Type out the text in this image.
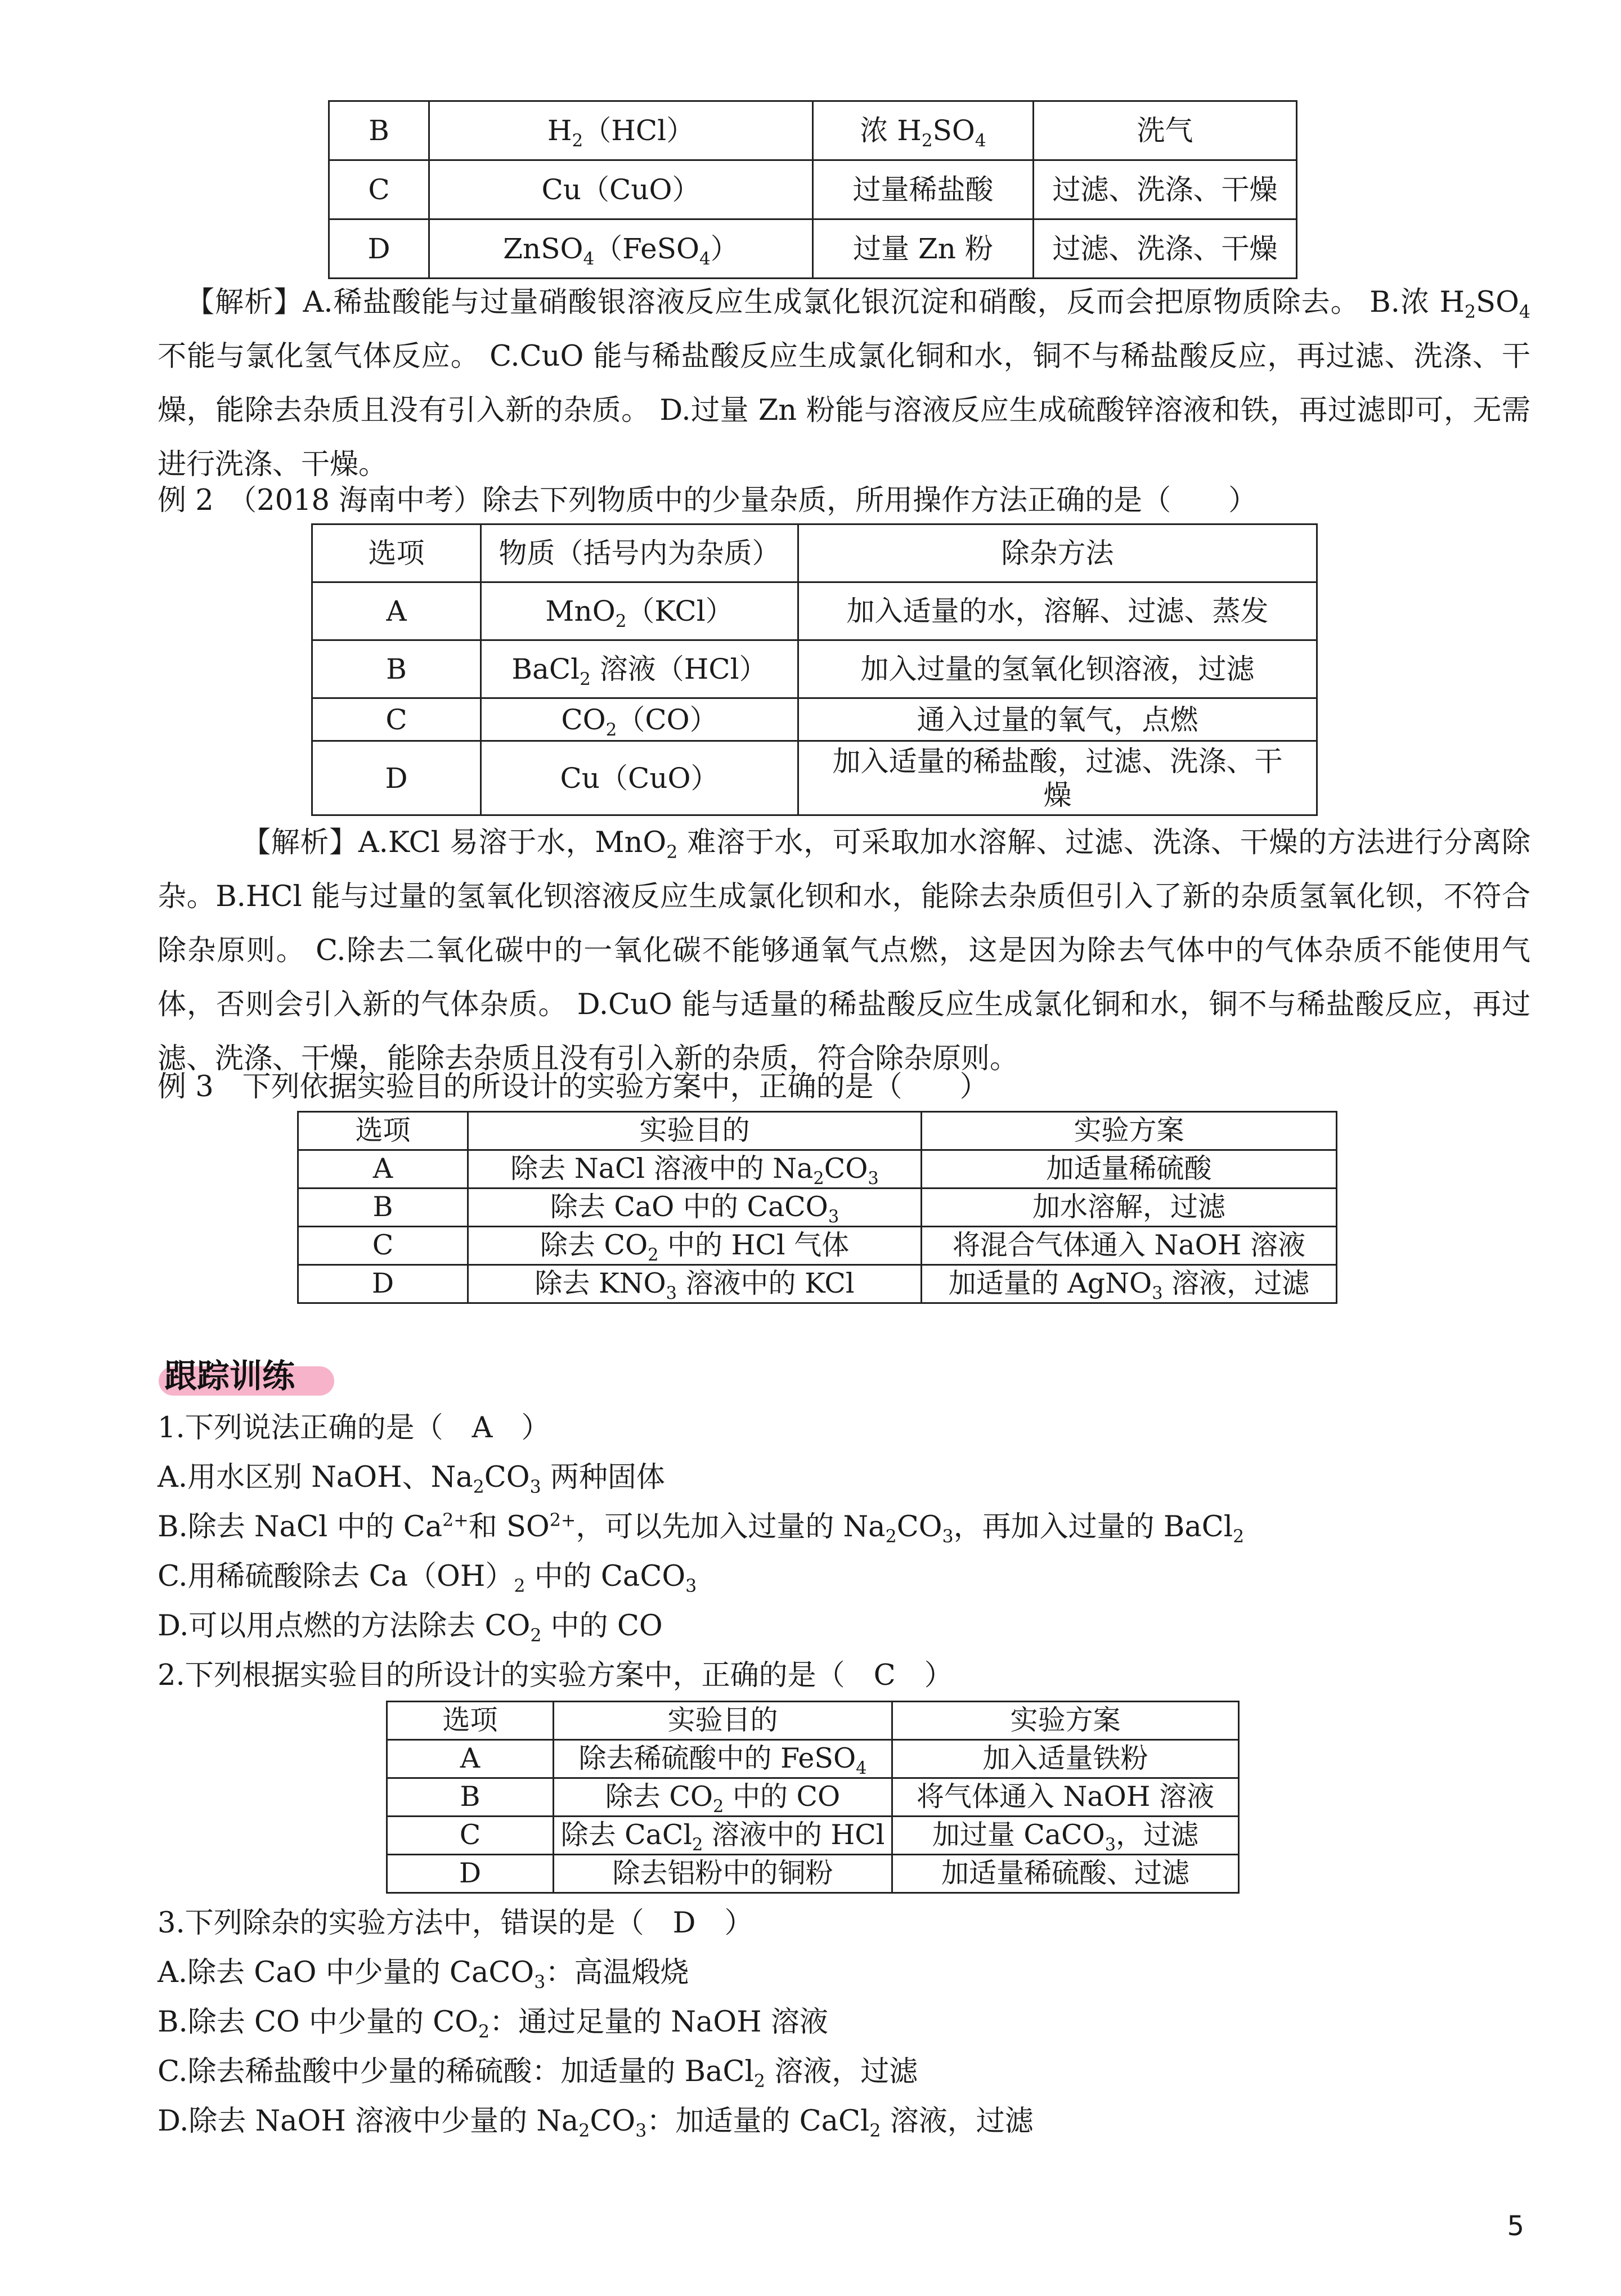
B	$H_2(HCl)$	浓 $H_2SO_4$	洗气
C	Cu（CuO）	过量稀盐酸	过滤、洗涤、干燥
D	ZnSO$_4$（FeSO$_4$）	过量 Zn 粉	过滤、洗涤、干燥
【解析】A.稀盐酸能与过量硝酸银溶液反应生成氯化银沉淀和硝酸，反而会把原物质除去。 B.浓 $H_2SO_4$不能与氯化氢气体反应。 C.CuO 能与稀盐酸反应生成氯化铜和水，铜不与稀盐酸反应，再过滤、洗涤、干燥，能除去杂质且没有引入新的杂质。 D.过量 Zn 粉能与溶液反应生成硫酸锌溶液和铁，再过滤即可，无需进行洗涤、干燥。
例 2　（2018 海南中考）除去下列物质中的少量杂质，所用操作方法正确的是（　　）
选项	物质（括号内为杂质）	除杂方法
A	MnO$_2$（KCl）	加入适量的水，溶解、过滤、蒸发
B	BaCl$_2$ 溶液（HCl）	加入过量的氢氧化钡溶液，过滤
C	$CO_2(CO)$	通入过量的氧气，点燃
D	Cu（CuO）	加入适量的稀盐酸，过滤、洗涤、干燥
【解析】A.KCl 易溶于水，MnO$_2$ 难溶于水，可采取加水溶解、过滤、洗涤、干燥的方法进行分离除杂。B.HCl 能与过量的氢氧化钡溶液反应生成氯化钡和水，能除去杂质但引入了新的杂质氢氧化钡，不符合除杂原则。 C.除去二氧化碳中的一氧化碳不能够通氧气点燃，这是因为除去气体中的气体杂质不能使用气体，否则会引入新的气体杂质。 D.CuO 能与适量的稀盐酸反应生成氯化铜和水，铜不与稀盐酸反应，再过滤、洗涤、干燥，能除去杂质且没有引入新的杂质，符合除杂原则。
例 3　下列依据实验目的所设计的实验方案中，正确的是（　　）
选项	实验目的	实验方案
A	除去 NaCl 溶液中的 $Na_2CO_3$	加适量稀硫酸
B	除去 CaO 中的 CaCO$_3$	加水溶解，过滤
C	除去 $CO_2$ 中的 HCl 气体	将混合气体通入 NaOH 溶液
D	除去 $KNO_3$ 溶液中的 KCl	加适量的 AgNO$_3$ 溶液，过滤
跟踪训练
1.下列说法正确的是（　A　）
A.用水区别 NaOH、$Na_2CO_3$ 两种固体
B.除去 NaCl 中的 $Ca^{2+}$和 $SO^{2+}$，可以先加入过量的 $Na_2CO_3$，再加入过量的 BaCl$_2$
C.用稀硫酸除去 $Ca(OH)_2$ 中的 CaCO$_3$
D.可以用点燃的方法除去 $CO_2$ 中的 CO
2.下列根据实验目的所设计的实验方案中，正确的是（　C　）
选项	实验目的	实验方案
A	除去稀硫酸中的 FeSO$_4$	加入适量铁粉
B	除去 $CO_2$ 中的 CO	将气体通入 NaOH 溶液
C	除去 CaCl$_2$ 溶液中的 HCl	加过量 CaCO$_3$，过滤
D	除去铝粉中的铜粉	加适量稀硫酸、过滤
3.下列除杂的实验方法中，错误的是（　D　）
A.除去 CaO 中少量的 CaCO$_3$：高温煅烧
B.除去 CO 中少量的 $CO_2$：通过足量的 NaOH 溶液
C.除去稀盐酸中少量的稀硫酸：加适量的 BaCl$_2$ 溶液，过滤
D.除去 NaOH 溶液中少量的 $Na_2CO_3$：加适量的 CaCl$_2$ 溶液，过滤
5
